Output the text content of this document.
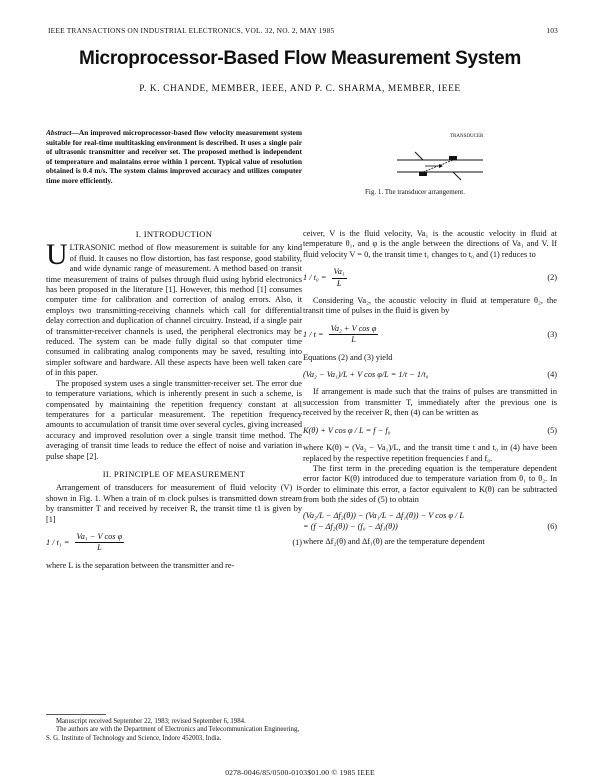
IEEE TRANSACTIONS ON INDUSTRIAL ELECTRONICS, VOL. 32, NO. 2, MAY 1985	103
Microprocessor-Based Flow Measurement System
P. K. CHANDE, MEMBER, IEEE, AND P. C. SHARMA, MEMBER, IEEE
Abstract—An improved microprocessor-based flow velocity measurement system suitable for real-time multitasking environment is described. It uses a single pair of ultrasonic transmitter and receiver set. The proposed method is independent of temperature and maintains error within 1 percent. Typical value of resolution obtained is 0.4 m/s. The system claims improved accuracy and utilizes computer time more efficiently.
TRANSDUCER
Fig. 1. The transducer arrangement.
I. INTRODUCTION

ULTRASONIC method of flow measurement is suitable for any kind of fluid. It causes no flow distortion, has fast response, good stability, and wide dynamic range of measurement. A method based on transit time measurement of trains of pulses through fluid using hybrid electronics has been proposed in the literature [1]. However, this method [1] consumes computer time for calibration and correction of analog errors. Also, it employs two transmitting-receiving channels which call for differential delay correction and duplication of channel circuitry. Instead, if a single pair of transmitter-receiver channels is used, the peripheral electronics may be reduced. The system can be made fully digital so that computer time consumed in calibrating analog components may be saved, resulting into simpler software and hardware. All these aspects have been well taken care of in this paper.

The proposed system uses a single transmitter-receiver set. The error due to temperature variations, which is inherently present in such a scheme, is compensated by maintaining the repetition frequency constant at all temperatures for a particular measurement. The repetition frequency amounts to accumulation of transit time over several cycles, giving increased accuracy and improved resolution over a single transit time method. The averaging of transit time leads to reduce the effect of noise and variation in pulse shape [2].

II. PRINCIPLE OF MEASUREMENT

Arrangement of transducers for measurement of fluid velocity (V) is shown in Fig. 1. When a train of m clock pulses is transmitted down stream by transmitter T and received by receiver R, the transit time t1 is given by [1]

$1 / t_1 = \frac{\text{Va₁ − V cos φ}}{L}$	(1)

where L is the separation between the transmitter and re-

Manuscript received September 22, 1983; revised September 6, 1984.

The authors are with the Department of Electronics and Telecommunication Engineering, S. G. Institute of Technology and Science, Indore 452003, India.

ceiver, V is the fluid velocity, Va₁ is the acoustic velocity in fluid at temperature θ₁, and φ is the angle between the directions of Va₁ and V. If fluid velocity V = 0, the transit time t₁ changes to t₀ and (1) reduces to

$1 / t_0 = \frac{\text{Va₁}}{L}$	(2)

Considering Va₂, the acoustic velocity in fluid at temperature θ₂, the transit time of pulses in the fluid is given by

$1 / t = \frac{\text{Va₂ + V cos φ}}{L}$	(3)

Equations (2) and (3) yield

(Va₂ − Va₁)/L + V cos φ/L = 1/t − 1/t₀	(4)

If arrangement is made such that the trains of pulses are transmitted in succession from transmitter T, immediately after the previous one is received by the receiver R, then (4) can be written as

K(θ) + V cos φ / L = f − f₀	(5)

where K(θ) = (Va₂ − Va₁)/L, and the transit time t and t₀ in (4) have been replaced by the respective repetition frequencies f and f₀.

The first term in the preceding equation is the temperature dependent error factor K(θ) introduced due to temperature variation from θ₁ to θ₂. In order to eliminate this error, a factor equivalent to K(θ) can be subtracted from both the sides of (5) to obtain

(Va₂/L − Δf₂(θ)) − (Va₁/L − Δf₁(θ)) − V cos φ / L
= (f − Δf₂(θ)) − (f₀ − Δf₁(θ))	(6)

where Δf₂(θ) and Δf₁(θ) are the temperature dependent

0278-0046/85/0500-0103$01.00 © 1985 IEEE
